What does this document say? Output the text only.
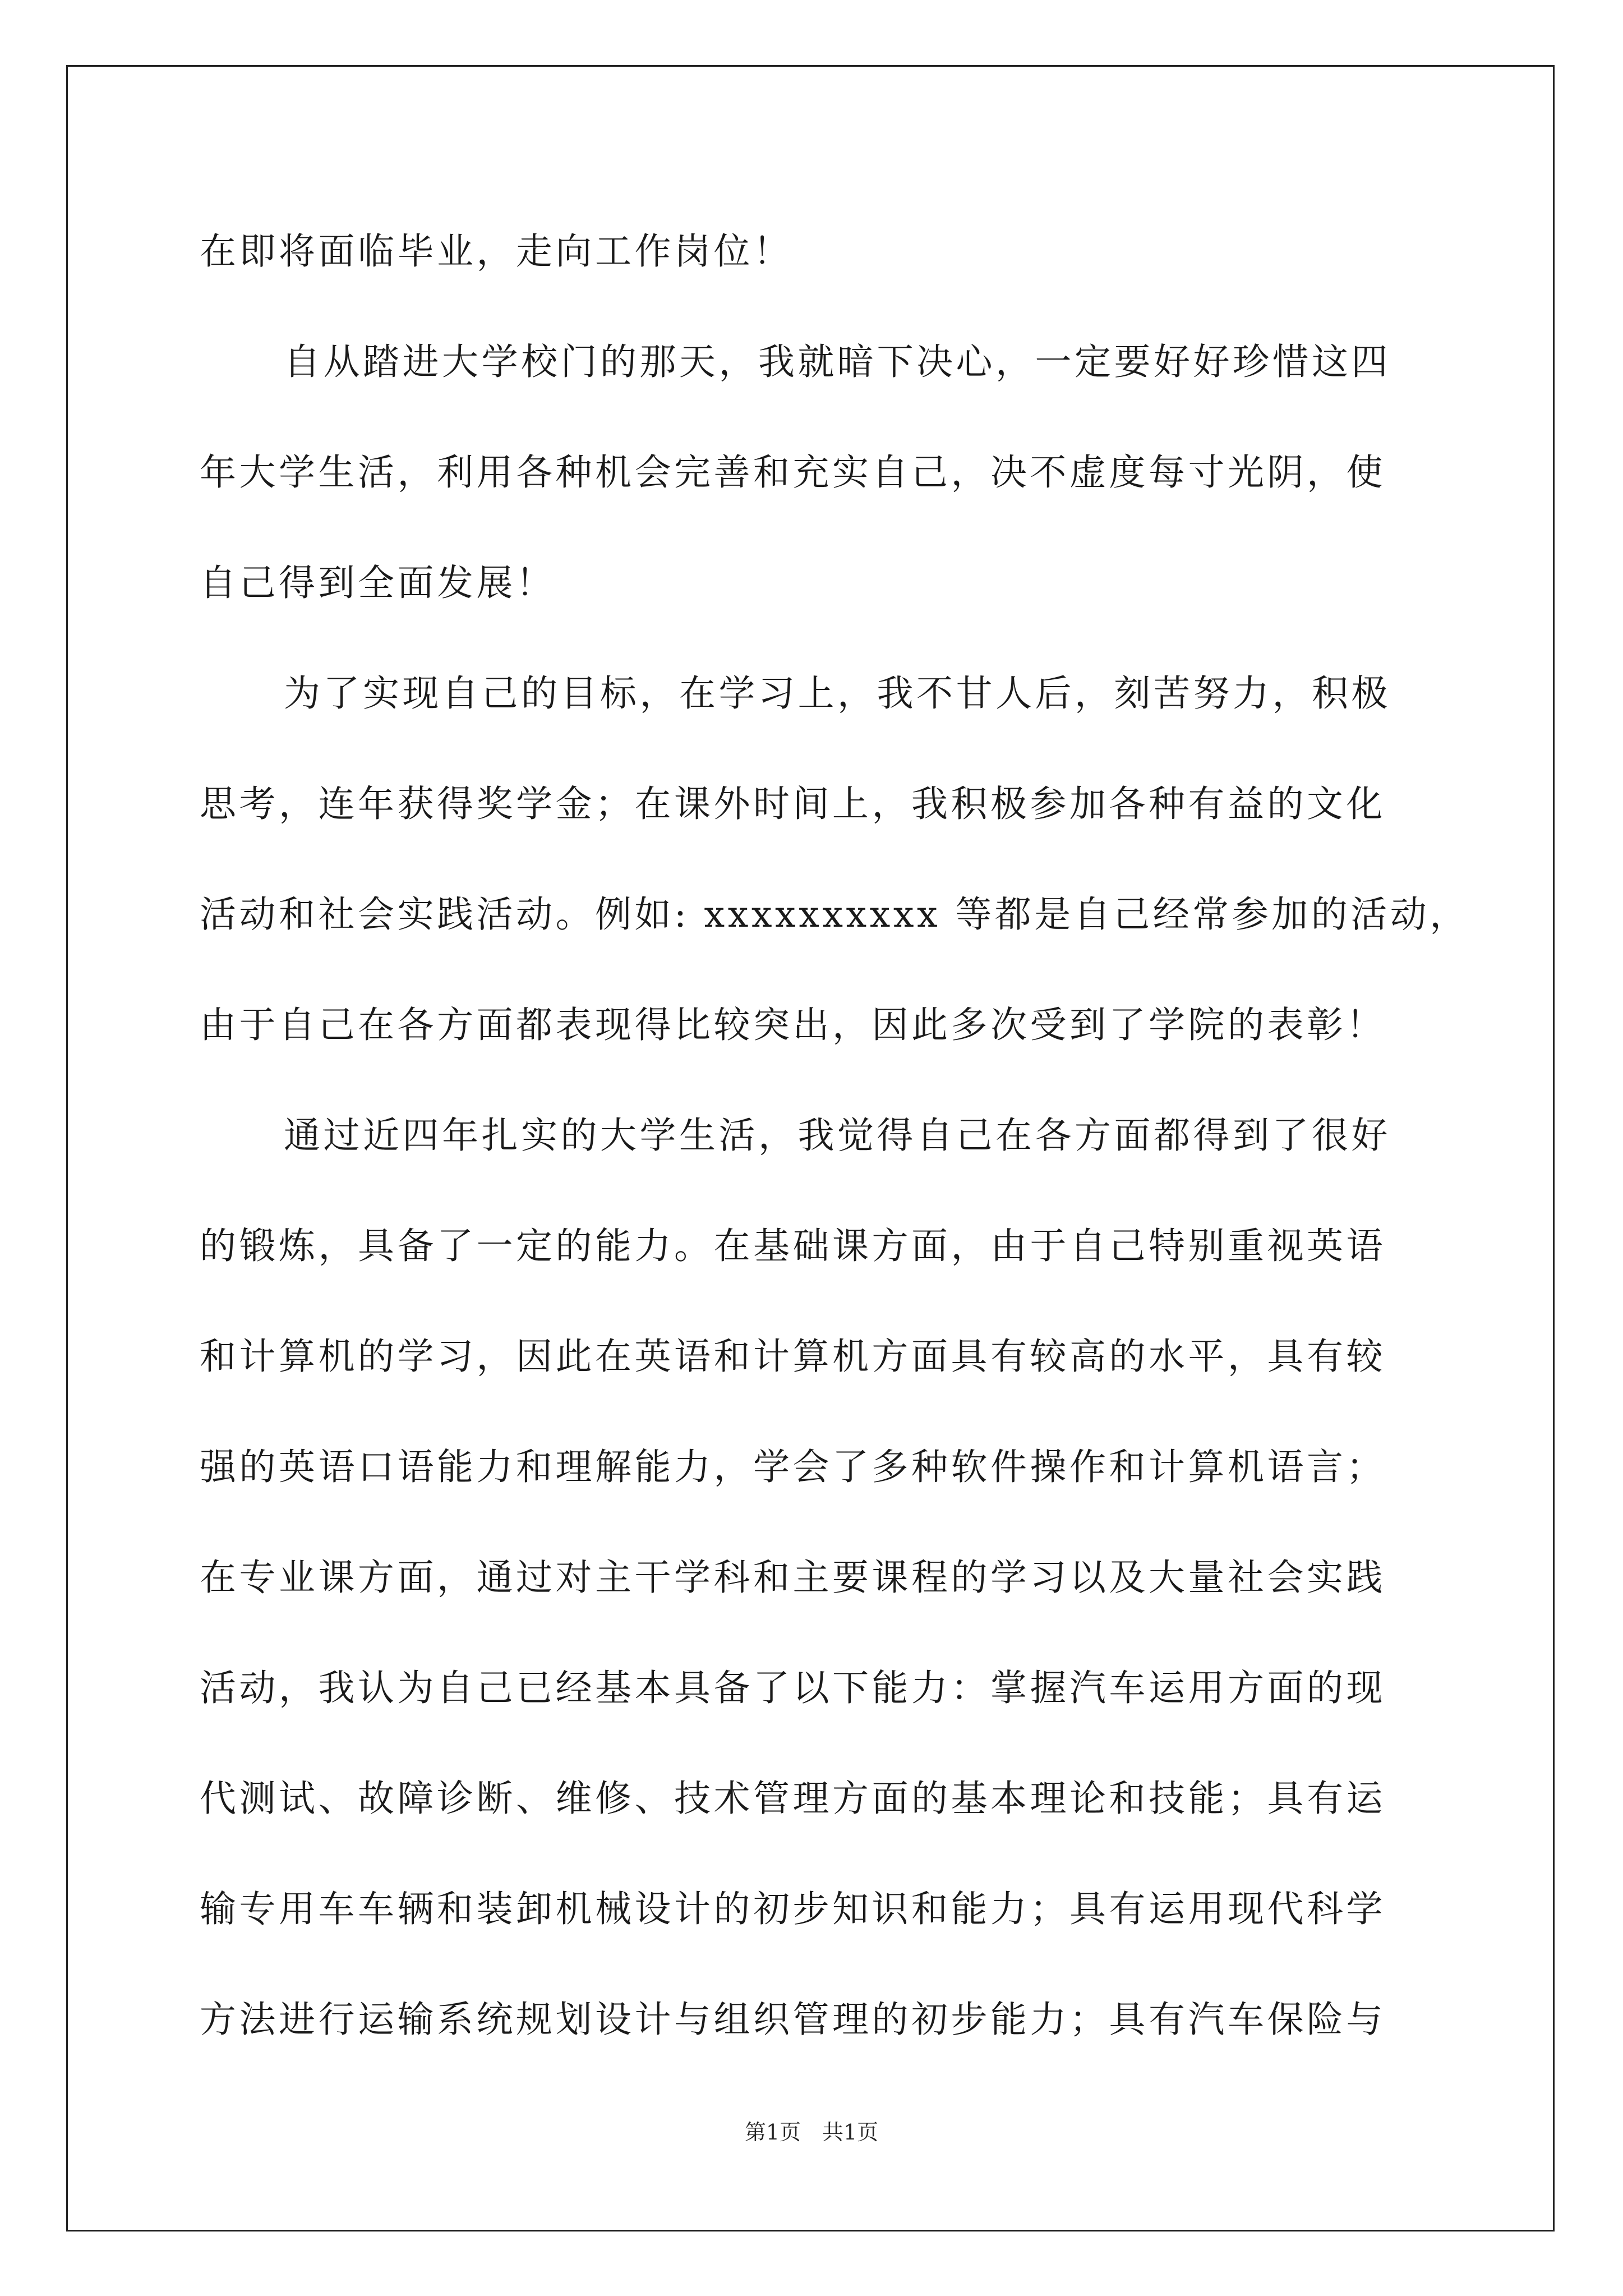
在即将面临毕业，走向工作岗位！
自从踏进大学校门的那天，我就暗下决心，一定要好好珍惜这四
年大学生活，利用各种机会完善和充实自己，决不虚度每寸光阴，使
自己得到全面发展！
为了实现自己的目标，在学习上，我不甘人后，刻苦努力，积极
思考，连年获得奖学金；在课外时间上，我积极参加各种有益的文化
活动和社会实践活动。例如: xxxxxxxxxx 等都是自己经常参加的活动，
由于自己在各方面都表现得比较突出，因此多次受到了学院的表彰！
通过近四年扎实的大学生活，我觉得自己在各方面都得到了很好
的锻炼，具备了一定的能力。在基础课方面，由于自己特别重视英语
和计算机的学习，因此在英语和计算机方面具有较高的水平，具有较
强的英语口语能力和理解能力，学会了多种软件操作和计算机语言；
在专业课方面，通过对主干学科和主要课程的学习以及大量社会实践
活动，我认为自己已经基本具备了以下能力：掌握汽车运用方面的现
代测试、故障诊断、维修、技术管理方面的基本理论和技能；具有运
输专用车车辆和装卸机械设计的初步知识和能力；具有运用现代科学
方法进行运输系统规划设计与组织管理的初步能力；具有汽车保险与
第1页　共1页
